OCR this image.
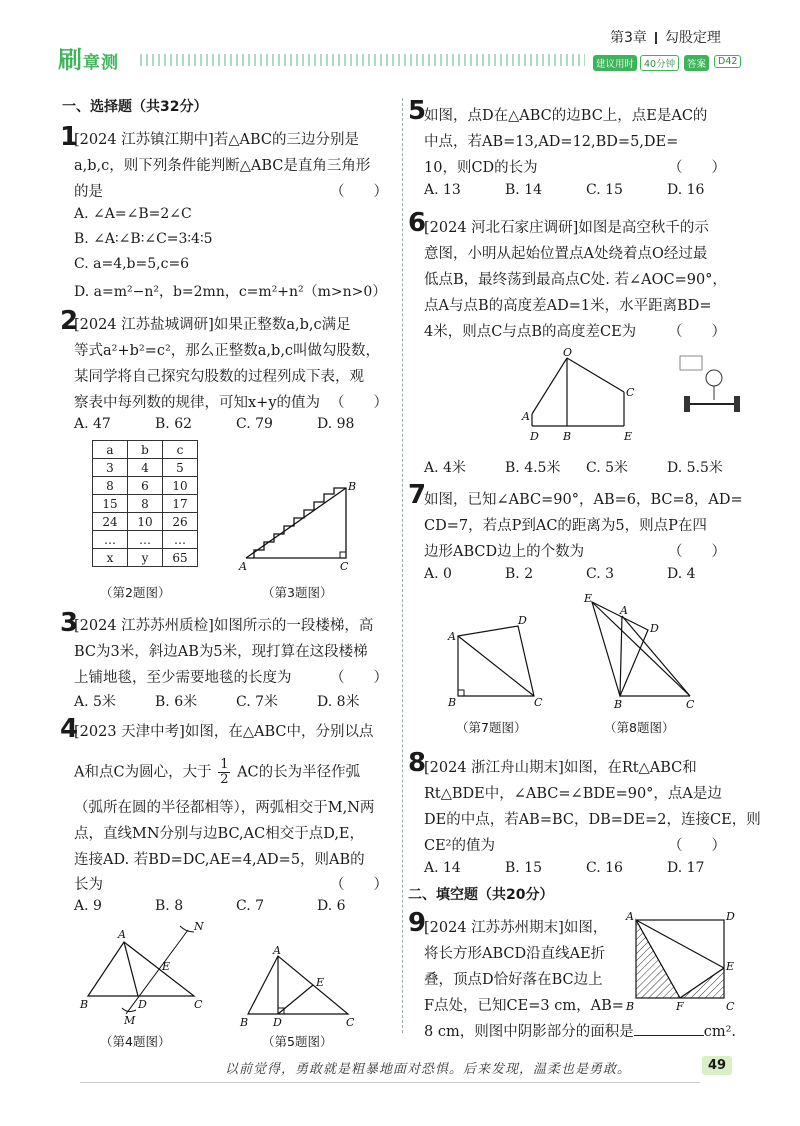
刷章测
第3章 勾股定理
建议用时	40分钟	答案	D42
一、选择题（共32分）
1
[2024 江苏镇江期中]若△ABC的三边分别是
a,b,c，则下列条件能判断△ABC是直角三角形
的是	（　　）
A. ∠A=∠B=2∠C
B. ∠A∶∠B∶∠C=3∶4∶5
C. a=4,b=5,c=6
D. a=m²−n²，b=2mn，c=m²+n²（m>n>0）
2
[2024 江苏盐城调研]如果正整数a,b,c满足
等式a²+b²=c²，那么正整数a,b,c叫做勾股数，
某同学将自己探究勾股数的过程列成下表，观
察表中每列数的规律，可知x+y的值为 （　　）
A. 47	B. 62	C. 79	D. 98
a	b	c
3	4	5
8	6	10
15	8	17
24	10	26
…	…	…
x	y	65
（第2题图）
A	C
B
（第3题图）
3
[2024 江苏苏州质检]如图所示的一段楼梯，高
BC为3米，斜边AB为5米，现打算在这段楼梯
上铺地毯，至少需要地毯的长度为	（　　）
A. 5米	B. 6米	C. 7米	D. 8米
4
[2023 天津中考]如图，在△ABC中，分别以点
A和点C为圆心，大于 $\frac{1}{2}$ AC的长为半径作弧
（弧所在圆的半径都相等），两弧相交于M,N两
点，直线MN分别与边BC,AC相交于点D,E，
连接AD. 若BD=DC,AE=4,AD=5，则AB的
长为	（　　）
A. 9	B. 8	C. 7	D. 6
B
A
C
D
E
M
N
（第4题图）
B
A
D	C
E
（第5题图）
5
如图，点D在△ABC的边BC上，点E是AC的
中点，若AB=13,AD=12,BD=5,DE=
10，则CD的长为	（　　）
A. 13	B. 14	C. 15	D. 16
6
[2024 河北石家庄调研]如图是高空秋千的示
意图，小明从起始位置点A处绕着点O经过最
低点B，最终荡到最高点C处. 若∠AOC=90°，
点A与点B的高度差AD=1米，水平距离BD=
4米，则点C与点B的高度差CE为 （　　）
O
A
D B
C
E
A. 4米	B. 4.5米 C. 5米	D. 5.5米
7
如图，已知∠ABC=90°，AB=6，BC=8，AD=
CD=7，若点P到AC的距离为5，则点P在四
边形ABCD边上的个数为	（　　）
A. 0	B. 2	C. 3	D. 4
A
D
B	C
（第7题图）
E
A
D
B	C
（第8题图）
8
[2024 浙江舟山期末]如图，在Rt△ABC和
Rt△BDE中，∠ABC=∠BDE=90°，点A是边
DE的中点，若AB=BC，DB=DE=2，连接CE，则
CE²的值为	（　　）
A. 14	B. 15	C. 16	D. 17
二、填空题（共20分）
9
[2024 江苏苏州期末]如图，
将长方形ABCD沿直线AE折
叠，顶点D恰好落在BC边上
F点处，已知CE=3 cm，AB=
8 cm，则图中阴影部分的面积是	cm².
A	D
B	F	C
E
以前觉得，勇敢就是粗暴地面对恐惧。后来发现，温柔也是勇敢。	49
